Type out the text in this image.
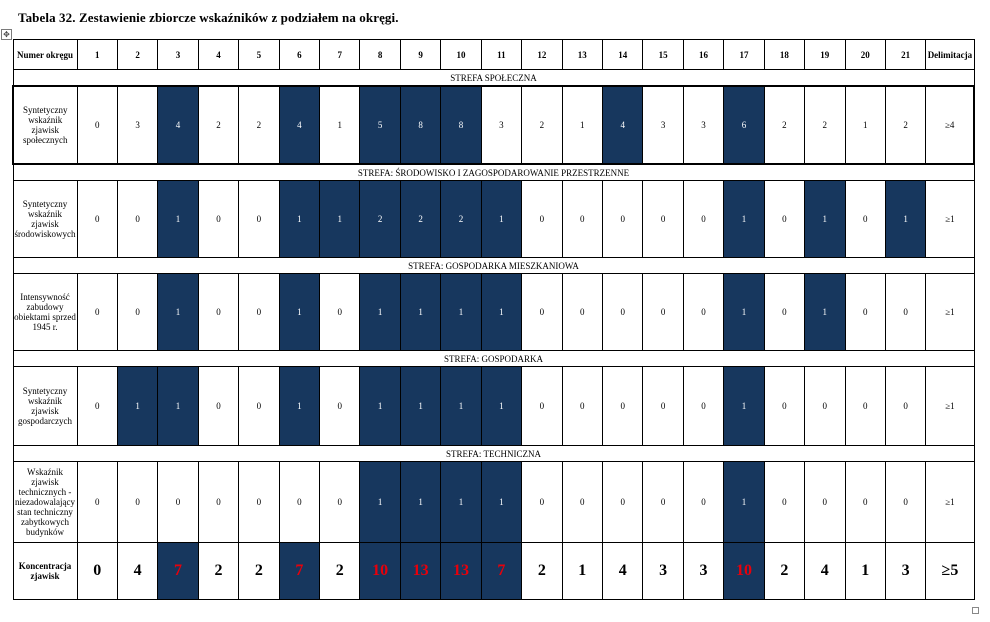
Tabela 32. Zestawienie zbiorcze wskaźników z podziałem na okręgi.
✥
Numer okręgu	1	2	3	4	5	6	7	8	9	10	11	12	13	14	15	16	17	18	19	20	21	Delimitacja
STREFA SPOŁECZNA																						
Syntetyczny wskaźnik zjawisk społecznych	0	3	4	2	2	4	1	5	8	8	3	2	1	4	3	3	6	2	2	1	2	≥4
STREFA: ŚRODOWISKO I ZAGOSPODAROWANIE PRZESTRZENNE																						
Syntetyczny wskaźnik zjawisk środowiskowych	0	0	1	0	0	1	1	2	2	2	1	0	0	0	0	0	1	0	1	0	1	≥1
STREFA: GOSPODARKA MIESZKANIOWA																						
Intensywność zabudowy obiektami sprzed 1945 r.	0	0	1	0	0	1	0	1	1	1	1	0	0	0	0	0	1	0	1	0	0	≥1
STREFA: GOSPODARKA																						
Syntetyczny wskaźnik zjawisk gospodarczych	0	1	1	0	0	1	0	1	1	1	1	0	0	0	0	0	1	0	0	0	0	≥1
STREFA: TECHNICZNA																						
Wskaźnik zjawisk technicznych - niezadowalający stan techniczny zabytkowych budynków	0	0	0	0	0	0	0	1	1	1	1	0	0	0	0	0	1	0	0	0	0	≥1
Koncentracja zjawisk	0	4	7	2	2	7	2	10	13	13	7	2	1	4	3	3	10	2	4	1	3	≥5
